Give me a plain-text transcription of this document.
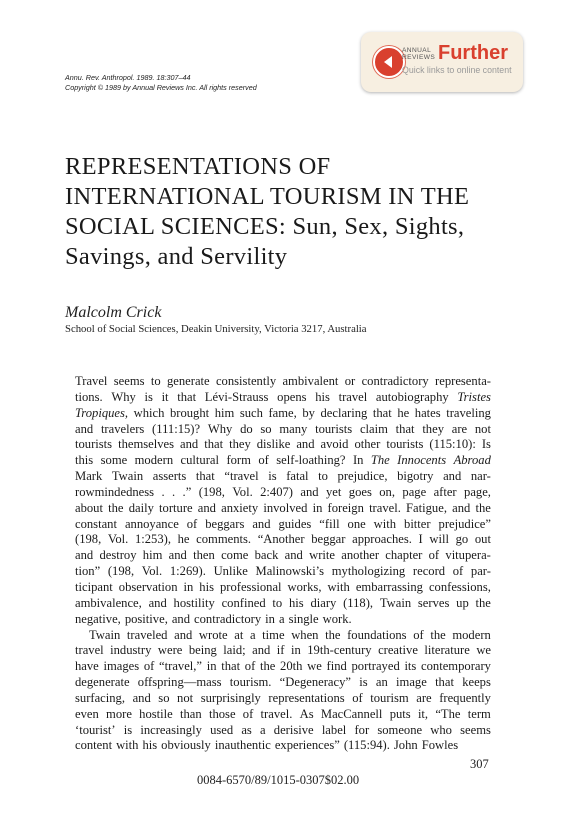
Annu. Rev. Anthropol. 1989. 18:307–44
Copyright © 1989 by Annual Reviews Inc. All rights reserved
ANNUAL
REVIEWS Further
Quick links to online content
REPRESENTATIONS OF
INTERNATIONAL TOURISM IN THE
SOCIAL SCIENCES: Sun, Sex, Sights,
Savings, and Servility
Malcolm Crick
School of Social Sciences, Deakin University, Victoria 3217, Australia
Travel seems to generate consistently ambivalent or contradictory representa-
tions. Why is it that Lévi-Strauss opens his travel autobiography Tristes
Tropiques, which brought him such fame, by declaring that he hates traveling
and travelers (111:15)? Why do so many tourists claim that they are not
tourists themselves and that they dislike and avoid other tourists (115:10): Is
this some modern cultural form of self-loathing? In The Innocents Abroad
Mark Twain asserts that “travel is fatal to prejudice, bigotry and nar-
rowmindedness . . .” (198, Vol. 2:407) and yet goes on, page after page,
about the daily torture and anxiety involved in foreign travel. Fatigue, and the
constant annoyance of beggars and guides “fill one with bitter prejudice”
(198, Vol. 1:253), he comments. “Another beggar approaches. I will go out
and destroy him and then come back and write another chapter of vitupera-
tion” (198, Vol. 1:269). Unlike Malinowski’s mythologizing record of par-
ticipant observation in his professional works, with embarrassing confessions,
ambivalence, and hostility confined to his diary (118), Twain serves up the
negative, positive, and contradictory in a single work.
Twain traveled and wrote at a time when the foundations of the modern
travel industry were being laid; and if in 19th-century creative literature we
have images of “travel,” in that of the 20th we find portrayed its contemporary
degenerate offspring—mass tourism. “Degeneracy” is an image that keeps
surfacing, and so not surprisingly representations of tourism are frequently
even more hostile than those of travel. As MacCannell puts it, “The term
‘tourist’ is increasingly used as a derisive label for someone who seems
content with his obviously inauthentic experiences” (115:94). John Fowles
307
0084-6570/89/1015-0307$02.00
